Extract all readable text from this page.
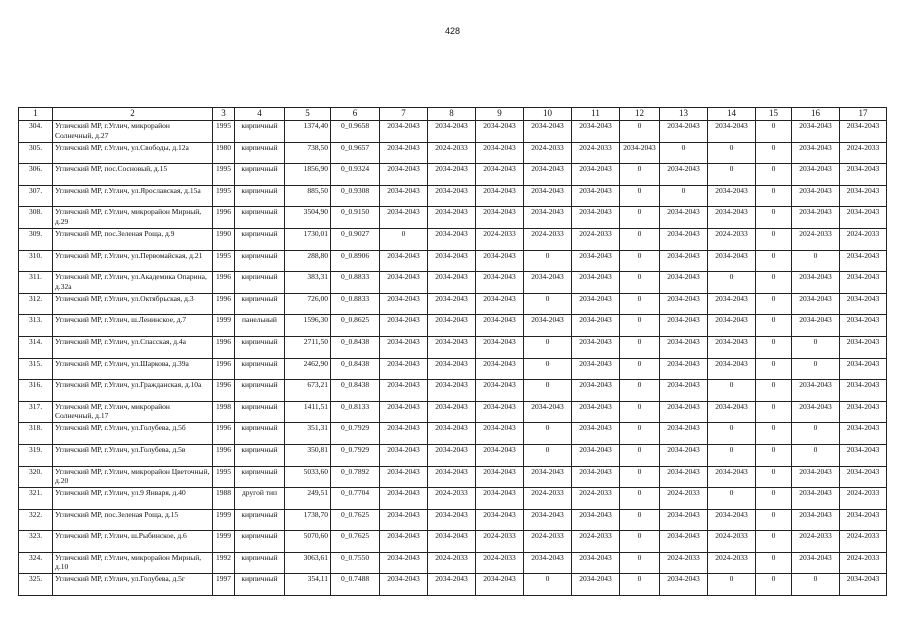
428
1	2	3	4	5	6	7	8	9	10	11	12	13	14	15	16	17
304.	Угличский МР, г.Углич, микрорайон Солнечный, д.27	1995	кирпичный	1374,40	0_0.9658	2034-2043	2034-2043	2034-2043	2034-2043	2034-2043	0	2034-2043	2034-2043	0	2034-2043	2034-2043
305.	Угличский МР, г.Углич, ул.Свободы, д.12а	1980	кирпичный	738,50	0_0.9657	2034-2043	2024-2033	2034-2043	2024-2033	2024-2033	2034-2043	0	0	0	2034-2043	2024-2033
306.	Угличский МР, пос.Сосновый, д.15	1995	кирпичный	1856,90	0_0.9324	2034-2043	2034-2043	2034-2043	2034-2043	2034-2043	0	2034-2043	0	0	2034-2043	2034-2043
307.	Угличский МР, г.Углич, ул.Ярославская, д.15а	1995	кирпичный	885,50	0_0.9308	2034-2043	2034-2043	2034-2043	2034-2043	2034-2043	0	0	2034-2043	0	2034-2043	2034-2043
308.	Угличский МР, г.Углич, микрорайон Мирный, д.29	1996	кирпичный	3504,90	0_0.9150	2034-2043	2034-2043	2034-2043	2034-2043	2034-2043	0	2034-2043	2034-2043	0	2034-2043	2034-2043
309.	Угличский МР, пос.Зеленая Роща, д.9	1990	кирпичный	1730,01	0_0.9027	0	2034-2043	2024-2033	2024-2033	2024-2033	0	2034-2043	2024-2033	0	2024-2033	2024-2033
310.	Угличский МР, г.Углич, ул.Первомайская, д.21	1995	кирпичный	288,80	0_0.8906	2034-2043	2034-2043	2034-2043	0	2034-2043	0	2034-2043	2034-2043	0	0	2034-2043
311.	Угличский МР, г.Углич, ул.Академика Опарина, д.32а	1996	кирпичный	383,31	0_0.8833	2034-2043	2034-2043	2034-2043	2034-2043	2034-2043	0	2034-2043	0	0	2034-2043	2034-2043
312.	Угличский МР, г.Углич, ул.Октябрьская, д.3	1996	кирпичный	726,00	0_0.8833	2034-2043	2034-2043	2034-2043	0	2034-2043	0	2034-2043	2034-2043	0	2034-2043	2034-2043
313.	Угличский МР, г.Углич, ш.Ленинское, д.7	1999	панельный	1596,30	0_0.8625	2034-2043	2034-2043	2034-2043	2034-2043	2034-2043	0	2034-2043	2034-2043	0	2034-2043	2034-2043
314.	Угличский МР, г.Углич, ул.Спасская, д.4а	1996	кирпичный	2711,50	0_0.8438	2034-2043	2034-2043	2034-2043	0	2034-2043	0	2034-2043	2034-2043	0	0	2034-2043
315.	Угличский МР, г.Углич, ул.Шаркова, д.39а	1996	кирпичный	2462,90	0_0.8438	2034-2043	2034-2043	2034-2043	0	2034-2043	0	2034-2043	2034-2043	0	0	2034-2043
316.	Угличский МР, г.Углич, ул.Гражданская, д.10а	1996	кирпичный	673,21	0_0.8438	2034-2043	2034-2043	2034-2043	0	2034-2043	0	2034-2043	0	0	2034-2043	2034-2043
317.	Угличский МР, г.Углич, микрорайон Солнечный, д.17	1998	кирпичный	1411,51	0_0.8133	2034-2043	2034-2043	2034-2043	2034-2043	2034-2043	0	2034-2043	2034-2043	0	2034-2043	2034-2043
318.	Угличский МР, г.Углич, ул.Голубева, д.5б	1996	кирпичный	351,31	0_0.7929	2034-2043	2034-2043	2034-2043	0	2034-2043	0	2034-2043	0	0	0	2034-2043
319.	Угличский МР, г.Углич, ул.Голубева, д.5в	1996	кирпичный	350,81	0_0.7929	2034-2043	2034-2043	2034-2043	0	2034-2043	0	2034-2043	0	0	0	2034-2043
320.	Угличский МР, г.Углич, микрорайон Цветочный, д.20	1995	кирпичный	5033,60	0_0.7892	2034-2043	2034-2043	2034-2043	2034-2043	2034-2043	0	2034-2043	2034-2043	0	2034-2043	2034-2043
321.	Угличский МР, г.Углич, ул.9 Января, д.40	1988	другой тип	249,51	0_0.7704	2034-2043	2024-2033	2034-2043	2024-2033	2024-2033	0	2024-2033	0	0	2034-2043	2024-2033
322.	Угличский МР, пос.Зеленая Роща, д.15	1999	кирпичный	1738,70	0_0.7625	2034-2043	2034-2043	2034-2043	2034-2043	2034-2043	0	2034-2043	2034-2043	0	2034-2043	2034-2043
323.	Угличский МР, г.Углич, ш.Рыбинское, д.6	1999	кирпичный	5070,60	0_0.7625	2034-2043	2034-2043	2024-2033	2024-2033	2024-2033	0	2034-2043	2024-2033	0	2024-2033	2024-2033
324.	Угличский МР, г.Углич, микрорайон Мирный, д.10	1992	кирпичный	3063,61	0_0.7550	2034-2043	2024-2033	2024-2033	2034-2043	2034-2043	0	2024-2033	2024-2033	0	2034-2043	2024-2033
325.	Угличский МР, г.Углич, ул.Голубева, д.5г	1997	кирпичный	354,11	0_0.7488	2034-2043	2034-2043	2034-2043	0	2034-2043	0	2034-2043	0	0	0	2034-2043
